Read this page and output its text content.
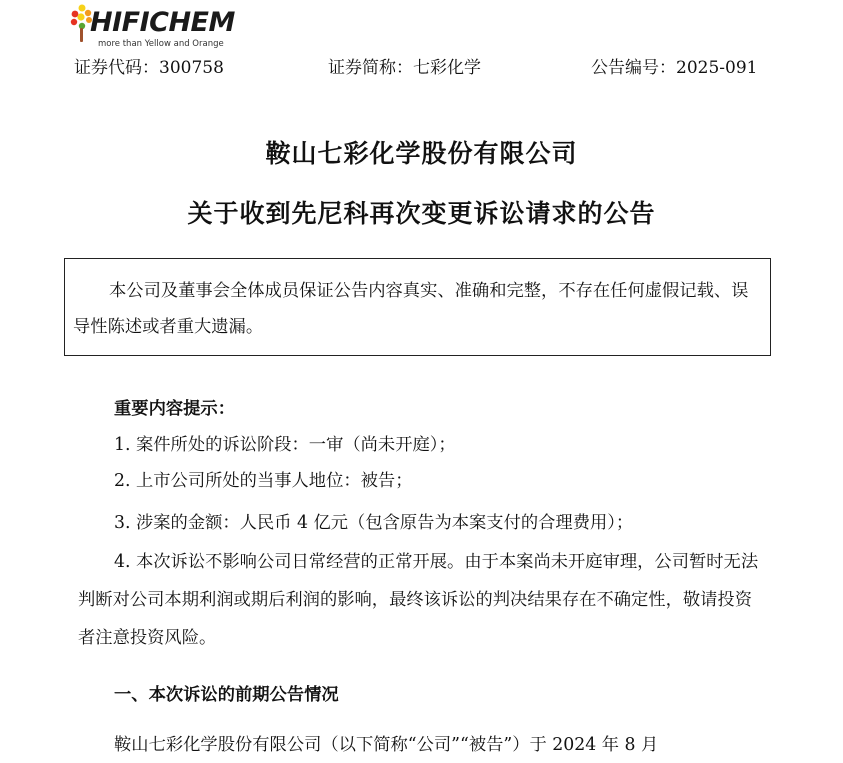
HIFICHEM
more than Yellow and Orange
证券代码：300758	证券简称：七彩化学	公告编号：2025-091
鞍山七彩化学股份有限公司
关于收到先尼科再次变更诉讼请求的公告
本公司及董事会全体成员保证公告内容真实、准确和完整，不存在任何虚假记载、误导性陈述或者重大遗漏。
重要内容提示：
1. 案件所处的诉讼阶段：一审（尚未开庭）；
2. 上市公司所处的当事人地位：被告；
3. 涉案的金额：人民币 4 亿元（包含原告为本案支付的合理费用）；
4. 本次诉讼不影响公司日常经营的正常开展。由于本案尚未开庭审理，公司暂时无法判断对公司本期利润或期后利润的影响，最终该诉讼的判决结果存在不确定性，敬请投资者注意投资风险。
一、本次诉讼的前期公告情况
鞍山七彩化学股份有限公司（以下简称“公司”“被告”）于 2024 年 8 月
